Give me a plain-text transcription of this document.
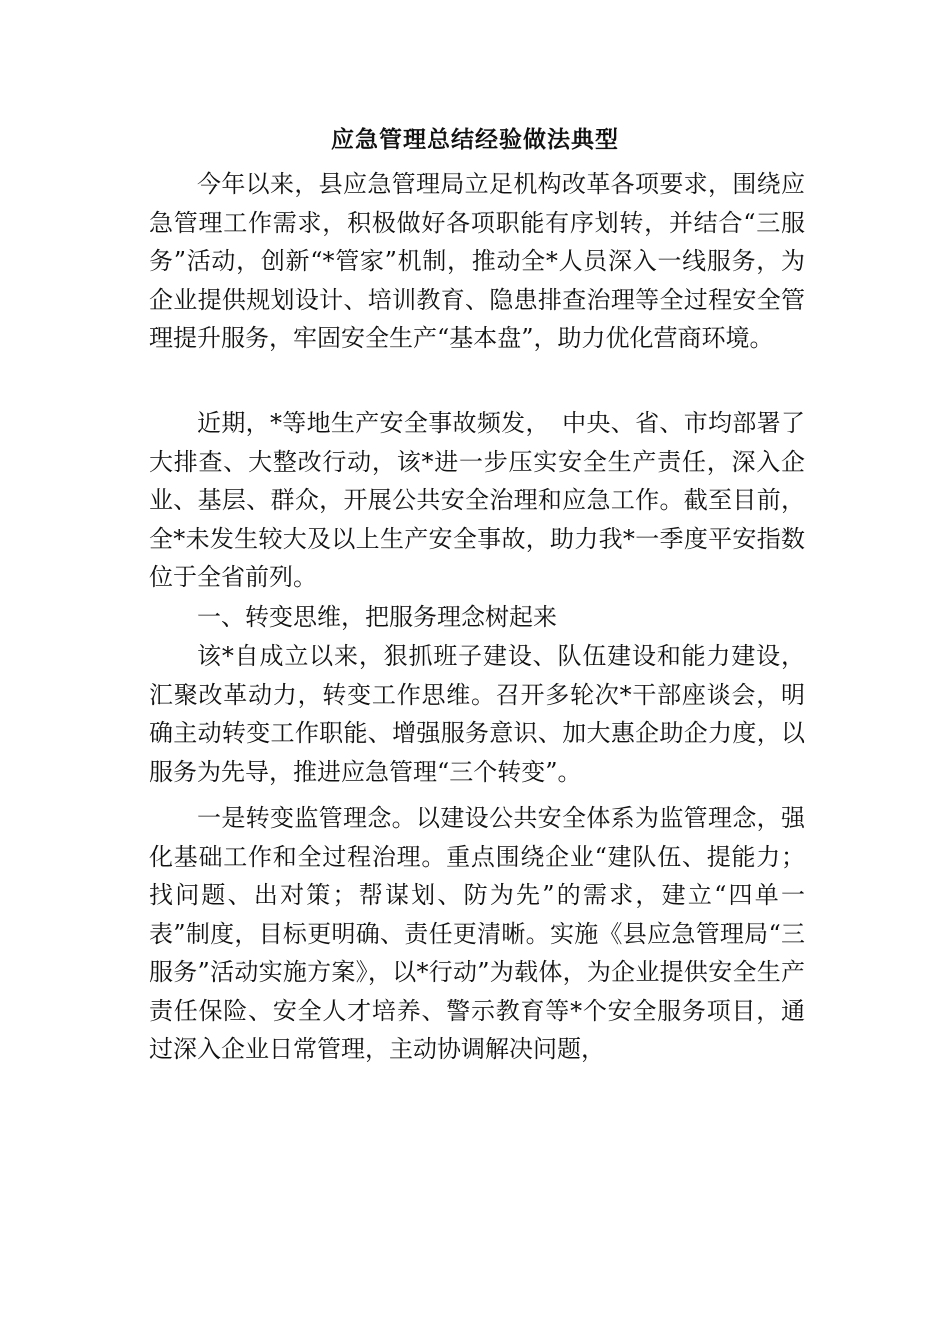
应急管理总结经验做法典型

今年以来，县应急管理局立足机构改革各项要求，围绕应急管理工作需求，积极做好各项职能有序划转，并结合“三服务”活动，创新“*管家”机制，推动全*人员深入一线服务，为企业提供规划设计、培训教育、隐患排查治理等全过程安全管理提升服务，牢固安全生产“基本盘”，助力优化营商环境。

近期，*等地生产安全事故频发，　中央、省、市均部署了大排查、大整改行动，该*进一步压实安全生产责任，深入企业、基层、群众，开展公共安全治理和应急工作。截至目前，全*未发生较大及以上生产安全事故，助力我*一季度平安指数位于全省前列。

一、转变思维，把服务理念树起来

该*自成立以来，狠抓班子建设、队伍建设和能力建设，汇聚改革动力，转变工作思维。召开多轮次*干部座谈会，明确主动转变工作职能、增强服务意识、加大惠企助企力度，以服务为先导，推进应急管理“三个转变”。

一是转变监管理念。以建设公共安全体系为监管理念，强化基础工作和全过程治理。重点围绕企业“建队伍、提能力；找问题、出对策；帮谋划、防为先”的需求，建立“四单一表”制度，目标更明确、责任更清晰。实施《县应急管理局“三服务”活动实施方案》，以*行动”为载体，为企业提供安全生产责任保险、安全人才培养、警示教育等*个安全服务项目，通过深入企业日常管理，主动协调解决问题，
